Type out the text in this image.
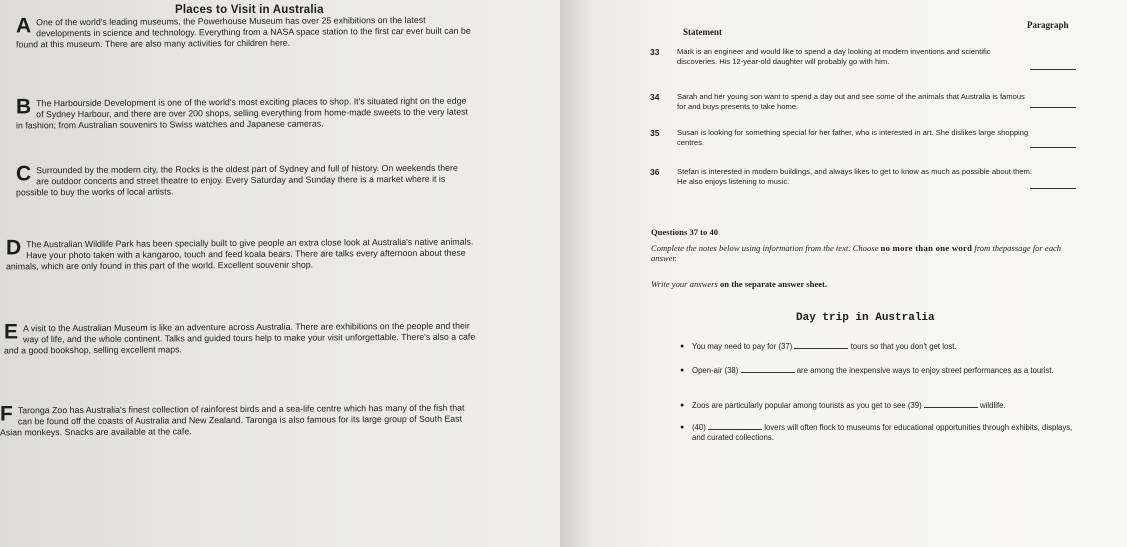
Places to Visit in Australia
A One of the world's leading museums, the Powerhouse Museum has over 25 exhibitions on the latest developments in science and technology. Everything from a NASA space station to the first car ever built can be found at this museum. There are also many activities for children here.
B The Harbourside Development is one of the world's most exciting places to shop. It's situated right on the edge of Sydney Harbour, and there are over 200 shops, selling everything from home-made sweets to the very latest in fashion; from Australian souvenirs to Swiss watches and Japanese cameras.
C Surrounded by the modern city, the Rocks is the oldest part of Sydney and full of history. On weekends there are outdoor concerts and street theatre to enjoy. Every Saturday and Sunday there is a market where it is possible to buy the works of local artists.
D The Australian Wildlife Park has been specially built to give people an extra close look at Australia's native animals. Have your photo taken with a kangaroo, touch and feed koala bears. There are talks every afternoon about these animals, which are only found in this part of the world. Excellent souvenir shop.
E A visit to the Australian Museum is like an adventure across Australia. There are exhibitions on the people and their way of life, and the whole continent. Talks and guided tours help to make your visit unforgettable. There's also a cafe and a good bookshop, selling excellent maps.
F Taronga Zoo has Australia's finest collection of rainforest birds and a sea-life centre which has many of the fish that can be found off the coasts of Australia and New Zealand. Taronga is also famous for its large group of South East Asian monkeys. Snacks are available at the cafe.
Statement
Paragraph
33 Mark is an engineer and would like to spend a day looking at modern inventions and scientific discoveries. His 12-year-old daughter will probably go with him.
34 Sarah and her young son want to spend a day out and see some of the animals that Australia is famous for and buys presents to take home.
35 Susan is looking for something special for her father, who is interested in art. She dislikes large shopping centres.
36 Stefan is interested in modern buildings, and always likes to get to know as much as possible about them. He also enjoys listening to music.
Questions 37 to 40
Complete the notes below using information from the text. Choose no more than one word from thepassage for each answer.
Write your answers on the separate answer sheet.
Day trip in Australia
● You may need to pay for (37)	tours so that you don't get lost.
● Open-air (38)	are among the inexpensive ways to enjoy street performances as a tourist.
● Zoos are particularly popular among tourists as you get to see (39)	wildlife.
● (40)	lovers will often flock to museums for educational opportunities through exhibits, displays, and curated collections.
